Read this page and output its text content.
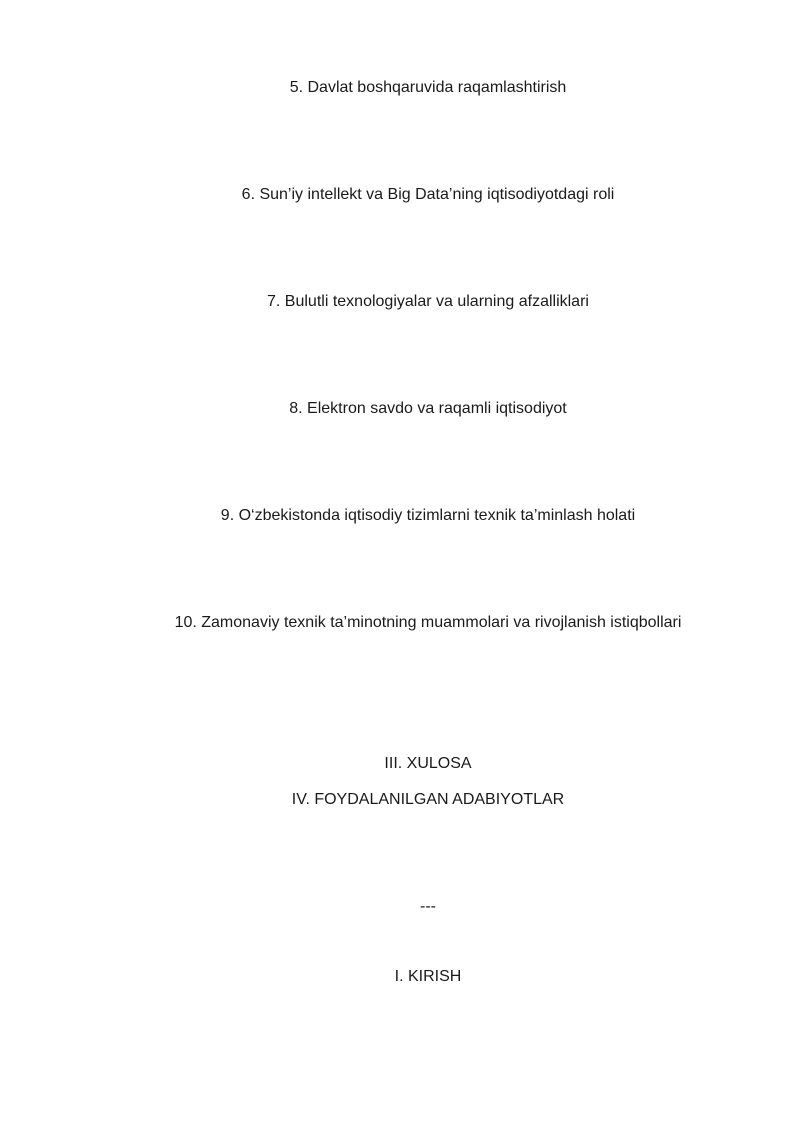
5. Davlat boshqaruvida raqamlashtirish
6. Sun’iy intellekt va Big Data’ning iqtisodiyotdagi roli
7. Bulutli texnologiyalar va ularning afzalliklari
8. Elektron savdo va raqamli iqtisodiyot
9. O‘zbekistonda iqtisodiy tizimlarni texnik ta’minlash holati
10. Zamonaviy texnik ta’minotning muammolari va rivojlanish istiqbollari
III. XULOSA
IV. FOYDALANILGAN ADABIYOTLAR
---
I. KIRISH
